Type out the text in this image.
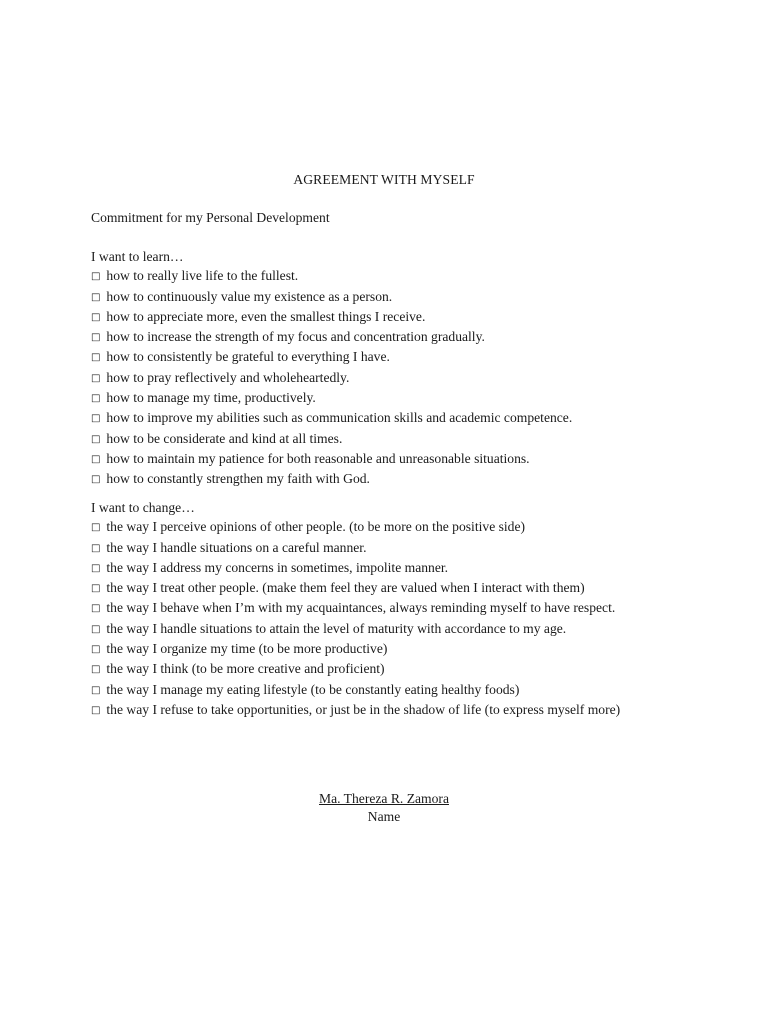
AGREEMENT WITH MYSELF
Commitment for my Personal Development
I want to learn…
□ how to really live life to the fullest.
□ how to continuously value my existence as a person.
□ how to appreciate more, even the smallest things I receive.
□ how to increase the strength of my focus and concentration gradually.
□ how to consistently be grateful to everything I have.
□ how to pray reflectively and wholeheartedly.
□ how to manage my time, productively.
□ how to improve my abilities such as communication skills and academic competence.
□ how to be considerate and kind at all times.
□ how to maintain my patience for both reasonable and unreasonable situations.
□ how to constantly strengthen my faith with God.
I want to change…
□ the way I perceive opinions of other people. (to be more on the positive side)
□ the way I handle situations on a careful manner.
□ the way I address my concerns in sometimes, impolite manner.
□ the way I treat other people. (make them feel they are valued when I interact with them)
□ the way I behave when I’m with my acquaintances, always reminding myself to have respect.
□ the way I handle situations to attain the level of maturity with accordance to my age.
□ the way I organize my time (to be more productive)
□ the way I think (to be more creative and proficient)
□ the way I manage my eating lifestyle (to be constantly eating healthy foods)
□ the way I refuse to take opportunities, or just be in the shadow of life (to express myself more)
Ma. Thereza R. Zamora
Name
